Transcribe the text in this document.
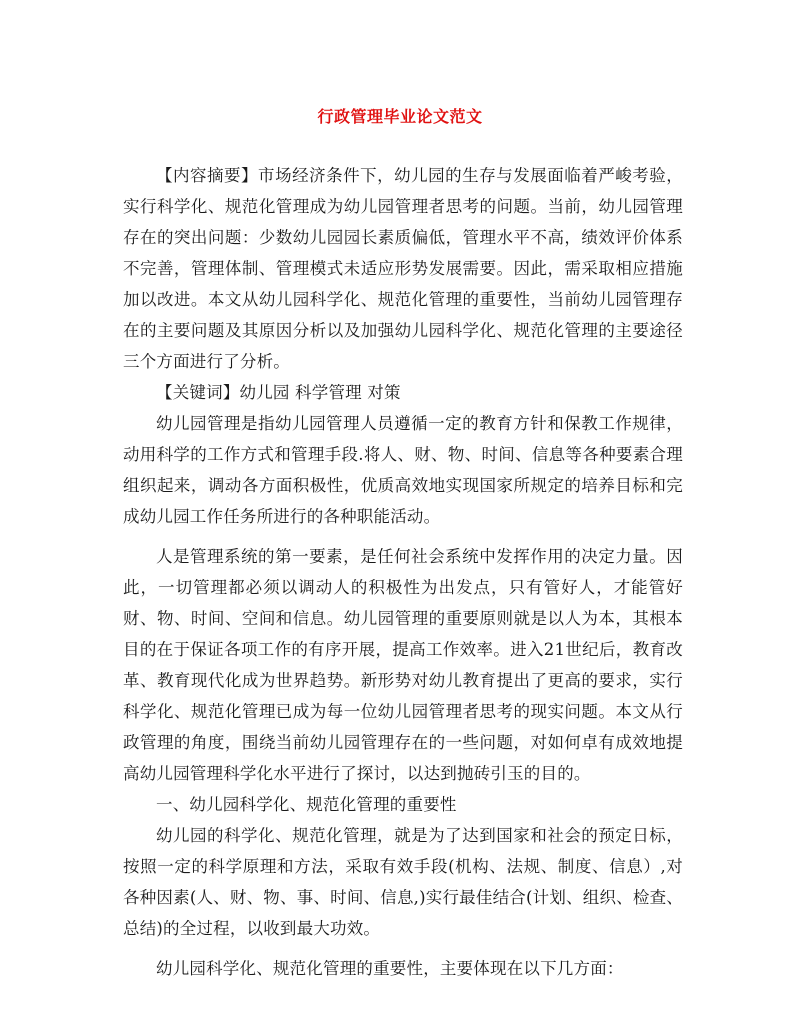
行政管理毕业论文范文

【内容摘要】市场经济条件下，幼儿园的生存与发展面临着严峻考验，实行科学化、规范化管理成为幼儿园管理者思考的问题。当前，幼儿园管理存在的突出问题：少数幼儿园园长素质偏低，管理水平不高，绩效评价体系不完善，管理体制、管理模式未适应形势发展需要。因此，需采取相应措施加以改进。本文从幼儿园科学化、规范化管理的重要性，当前幼儿园管理存在的主要问题及其原因分析以及加强幼儿园科学化、规范化管理的主要途径三个方面进行了分析。

【关键词】幼儿园 科学管理 对策

幼儿园管理是指幼儿园管理人员遵循一定的教育方针和保教工作规律，动用科学的工作方式和管理手段.将人、财、物、时间、信息等各种要素合理组织起来，调动各方面积极性，优质高效地实现国家所规定的培养目标和完成幼儿园工作任务所进行的各种职能活动。

人是管理系统的第一要素，是任何社会系统中发挥作用的决定力量。因此，一切管理都必须以调动人的积极性为出发点，只有管好人，才能管好财、物、时间、空间和信息。幼儿园管理的重要原则就是以人为本，其根本目的在于保证各项工作的有序开展，提高工作效率。进入21世纪后，教育改革、教育现代化成为世界趋势。新形势对幼儿教育提出了更高的要求，实行科学化、规范化管理已成为每一位幼儿园管理者思考的现实问题。本文从行政管理的角度，围绕当前幼儿园管理存在的一些问题，对如何卓有成效地提高幼儿园管理科学化水平进行了探讨，以达到抛砖引玉的目的。

一、幼儿园科学化、规范化管理的重要性

幼儿园的科学化、规范化管理，就是为了达到国家和社会的预定日标，按照一定的科学原理和方法，采取有效手段(机构、法规、制度、信息）,对各种因素(人、财、物、事、时间、信息,)实行最佳结合(计划、组织、检查、总结)的全过程，以收到最大功效。

幼儿园科学化、规范化管理的重要性，主要体现在以下几方面：
